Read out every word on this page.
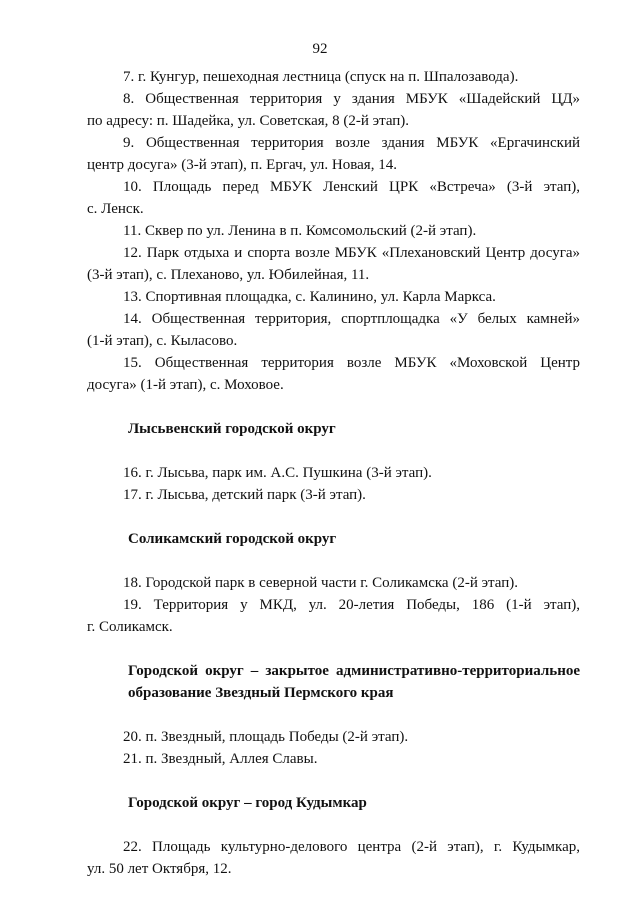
92
7. г. Кунгур, пешеходная лестница (спуск на п. Шпалозавода).
8. Общественная территория у здания МБУК «Шадейский ЦД»
по адресу: п. Шадейка, ул. Советская, 8 (2-й этап).
9. Общественная территория возле здания МБУК «Ергачинский
центр досуга» (3-й этап), п. Ергач, ул. Новая, 14.
10. Площадь перед МБУК Ленский ЦРК «Встреча» (3-й этап),
с. Ленск.
11. Сквер по ул. Ленина в п. Комсомольский (2-й этап).
12. Парк отдыха и спорта возле МБУК «Плехановский Центр досуга»
(3-й этап), с. Плеханово, ул. Юбилейная, 11.
13. Спортивная площадка, с. Калинино, ул. Карла Маркса.
14. Общественная территория, спортплощадка «У белых камней»
(1-й этап), с. Кыласово.
15. Общественная территория возле МБУК «Моховской Центр
досуга» (1-й этап), с. Моховое.
Лысьвенский городской округ
16. г. Лысьва, парк им. А.С. Пушкина (3-й этап).
17. г. Лысьва, детский парк (3-й этап).
Соликамский городской округ
18. Городской парк в северной части г. Соликамска (2-й этап).
19. Территория у МКД, ул. 20-летия Победы, 186 (1-й этап),
г. Соликамск.
Городской округ – закрытое административно-территориальное
образование Звездный Пермского края
20. п. Звездный, площадь Победы (2-й этап).
21. п. Звездный, Аллея Славы.
Городской округ – город Кудымкар
22. Площадь культурно-делового центра (2-й этап), г. Кудымкар,
ул. 50 лет Октября, 12.
